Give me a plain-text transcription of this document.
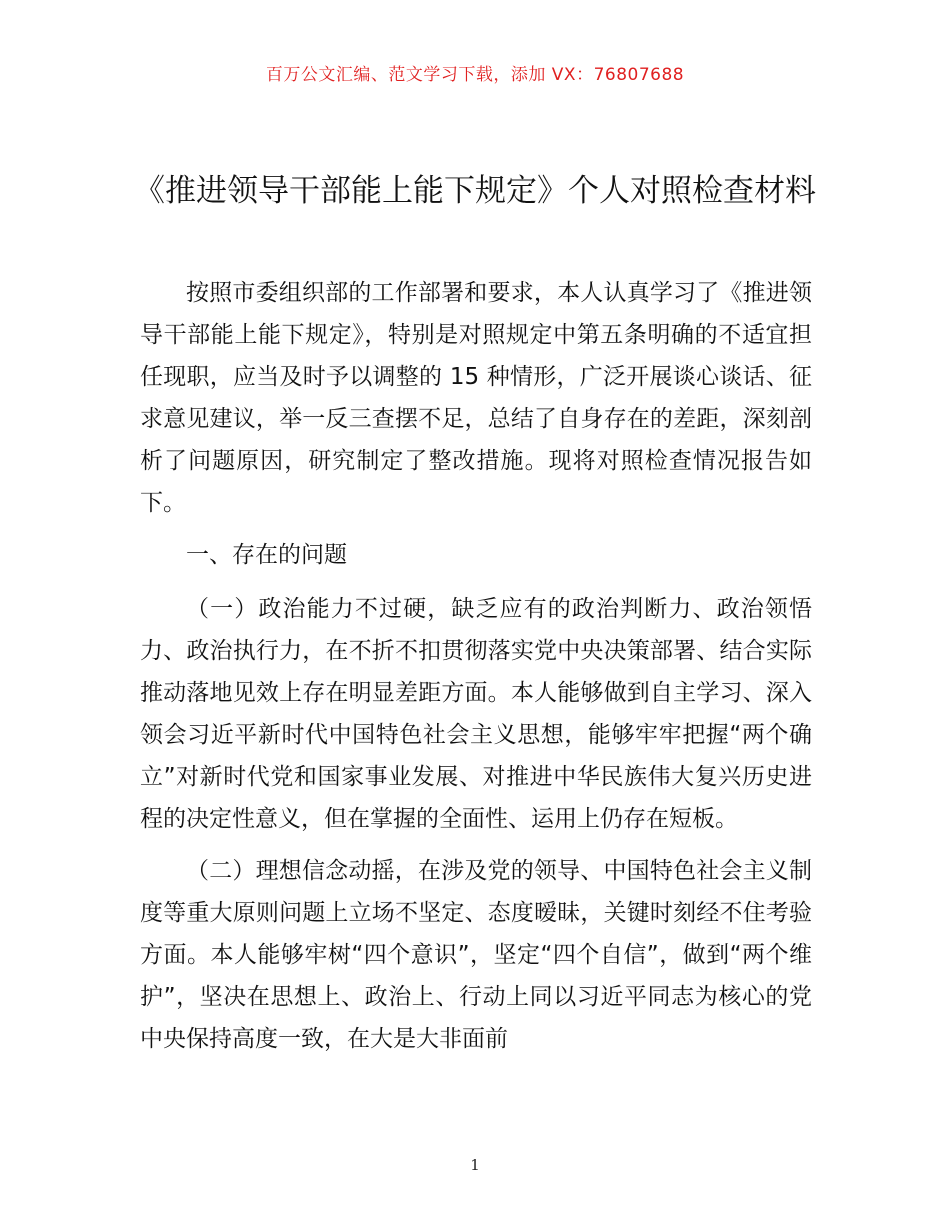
百万公文汇编、范文学习下载，添加 VX：76807688
《推进领导干部能上能下规定》个人对照检查材料

按照市委组织部的工作部署和要求，本人认真学习了《推进领导干部能上能下规定》，特别是对照规定中第五条明确的不适宜担任现职，应当及时予以调整的 15 种情形，广泛开展谈心谈话、征求意见建议，举一反三查摆不足，总结了自身存在的差距，深刻剖析了问题原因，研究制定了整改措施。现将对照检查情况报告如下。

一、存在的问题

（一）政治能力不过硬，缺乏应有的政治判断力、政治领悟力、政治执行力，在不折不扣贯彻落实党中央决策部署、结合实际推动落地见效上存在明显差距方面。本人能够做到自主学习、深入领会习近平新时代中国特色社会主义思想，能够牢牢把握“两个确立”对新时代党和国家事业发展、对推进中华民族伟大复兴历史进程的决定性意义，但在掌握的全面性、运用上仍存在短板。

（二）理想信念动摇，在涉及党的领导、中国特色社会主义制度等重大原则问题上立场不坚定、态度暧昧，关键时刻经不住考验方面。本人能够牢树“四个意识”，坚定“四个自信”，做到“两个维护”，坚决在思想上、政治上、行动上同以习近平同志为核心的党中央保持高度一致，在大是大非面前

1
